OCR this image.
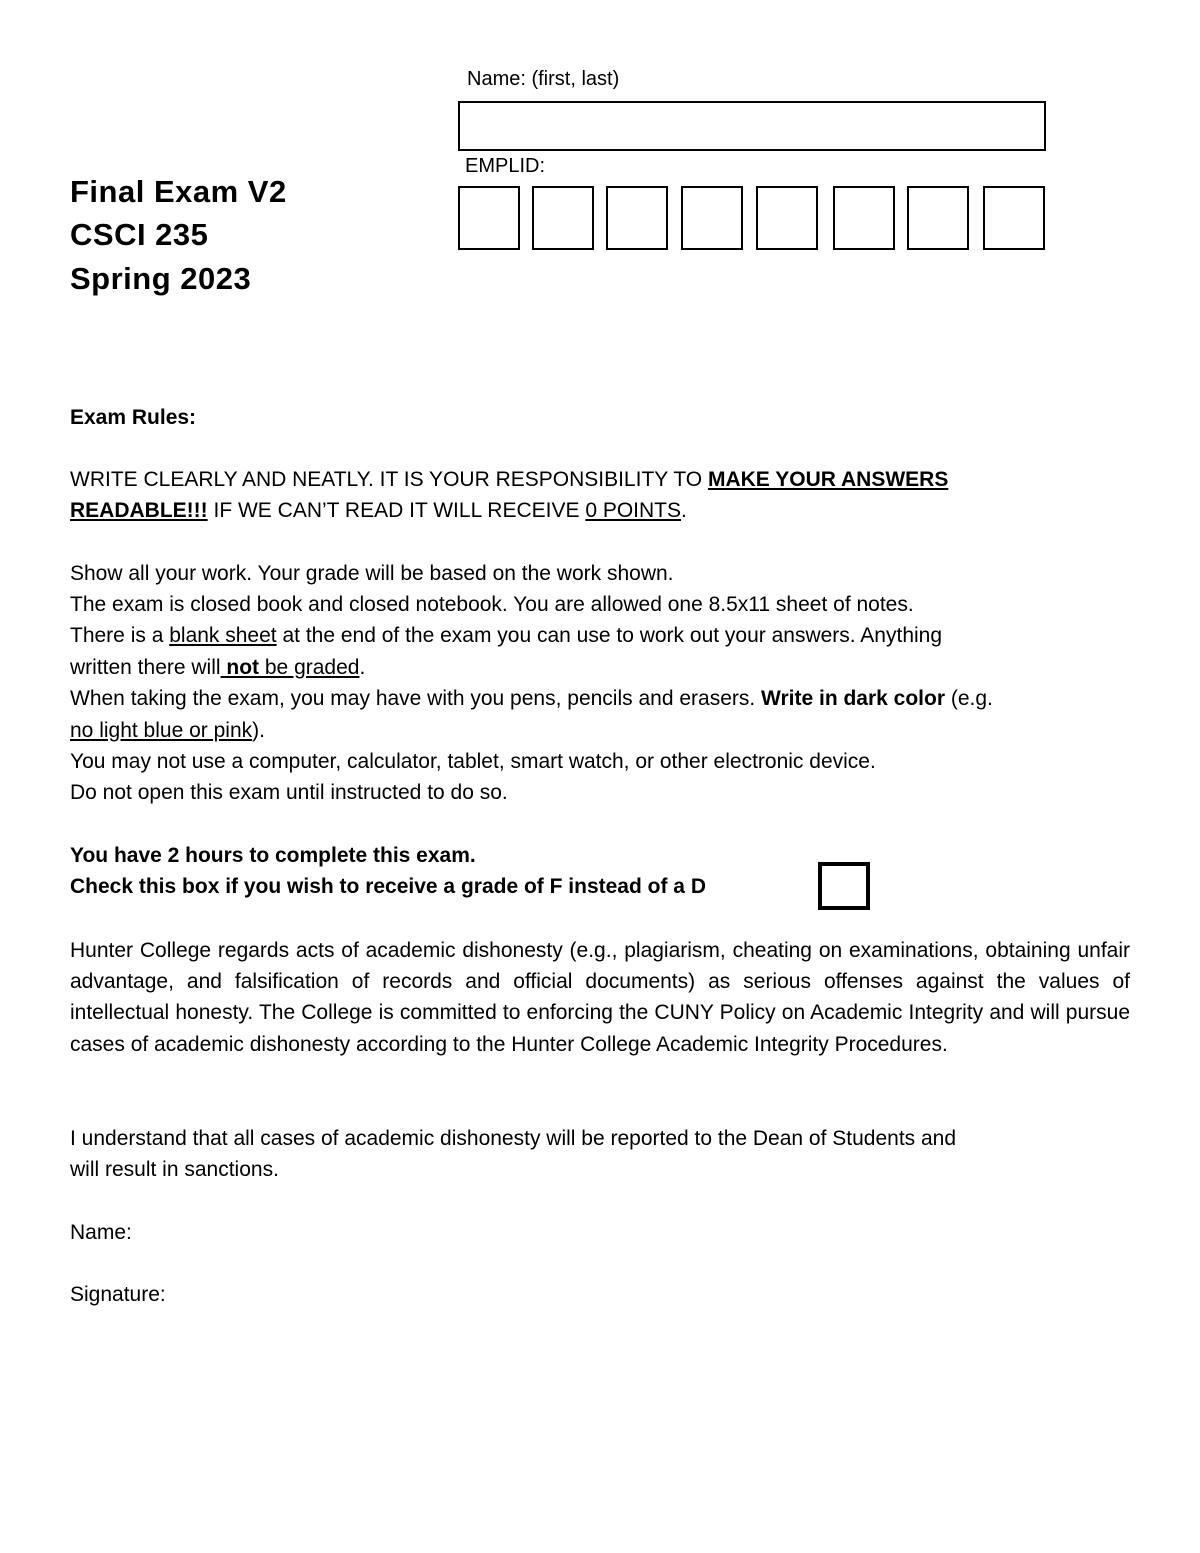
Final Exam V2
CSCI 235
Spring 2023
Name: (first, last)
EMPLID:
Exam Rules:
WRITE CLEARLY AND NEATLY. IT IS YOUR RESPONSIBILITY TO MAKE YOUR ANSWERS
READABLE!!! IF WE CAN’T READ IT WILL RECEIVE 0 POINTS.
Show all your work. Your grade will be based on the work shown.
The exam is closed book and closed notebook. You are allowed one 8.5x11 sheet of notes.
There is a blank sheet at the end of the exam you can use to work out your answers. Anything
written there will not be graded.
When taking the exam, you may have with you pens, pencils and erasers. Write in dark color (e.g.
no light blue or pink).
You may not use a computer, calculator, tablet, smart watch, or other electronic device.
Do not open this exam until instructed to do so.
You have 2 hours to complete this exam.
Check this box if you wish to receive a grade of F instead of a D
Hunter College regards acts of academic dishonesty (e.g., plagiarism, cheating on examinations, obtaining unfair advantage, and falsification of records and official documents) as serious offenses against the values of intellectual honesty. The College is committed to enforcing the CUNY Policy on Academic Integrity and will pursue cases of academic dishonesty according to the Hunter College Academic Integrity Procedures.
I understand that all cases of academic dishonesty will be reported to the Dean of Students and
will result in sanctions.
Name:
Signature:
